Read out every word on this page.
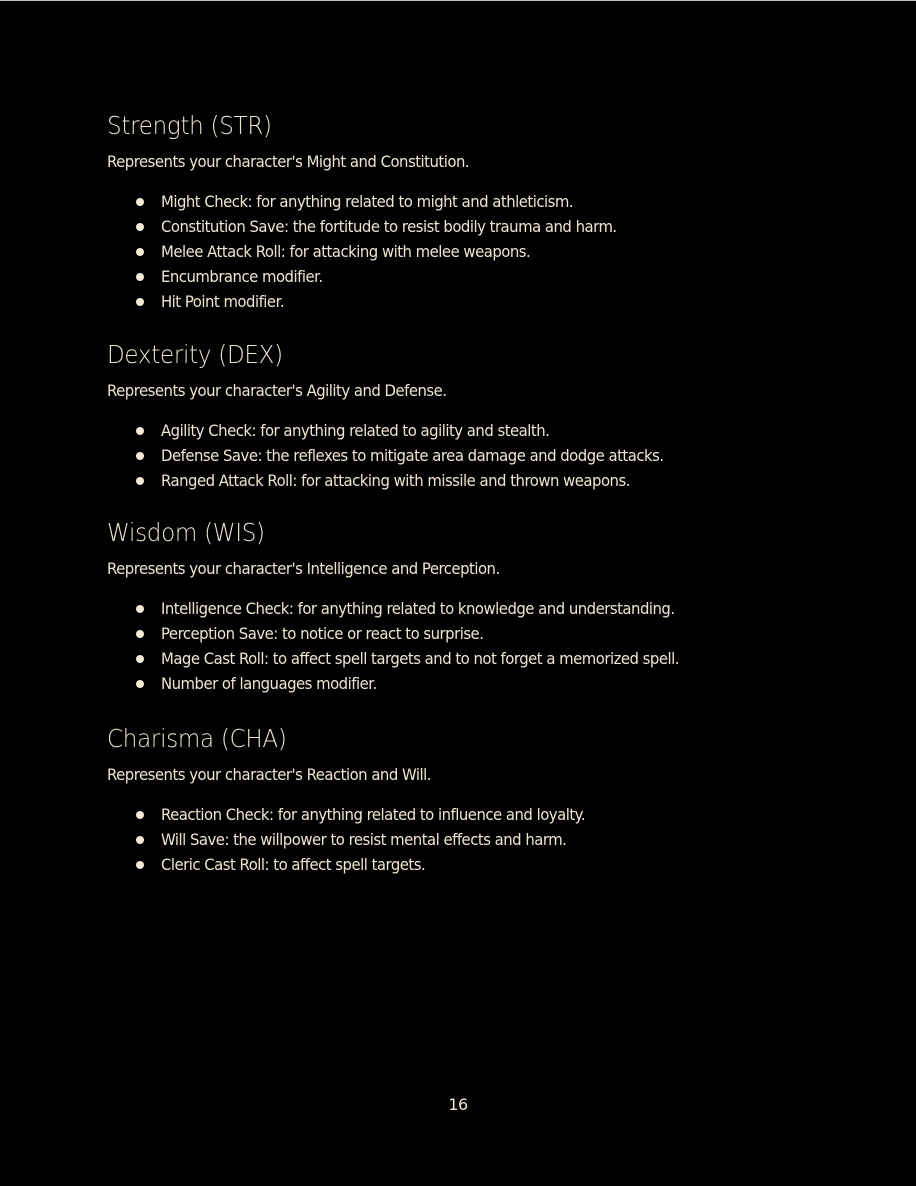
Strength (STR)

Represents your character's Might and Constitution.

Might Check: for anything related to might and athleticism.
Constitution Save: the fortitude to resist bodily trauma and harm.
Melee Attack Roll: for attacking with melee weapons.
Encumbrance modifier.
Hit Point modifier.
Dexterity (DEX)

Represents your character's Agility and Defense.

Agility Check: for anything related to agility and stealth.
Defense Save: the reflexes to mitigate area damage and dodge attacks.
Ranged Attack Roll: for attacking with missile and thrown weapons.
Wisdom (WIS)

Represents your character's Intelligence and Perception.

Intelligence Check: for anything related to knowledge and understanding.
Perception Save: to notice or react to surprise.
Mage Cast Roll: to affect spell targets and to not forget a memorized spell.
Number of languages modifier.
Charisma (CHA)

Represents your character's Reaction and Will.

Reaction Check: for anything related to influence and loyalty.
Will Save: the willpower to resist mental effects and harm.
Cleric Cast Roll: to affect spell targets.
16
